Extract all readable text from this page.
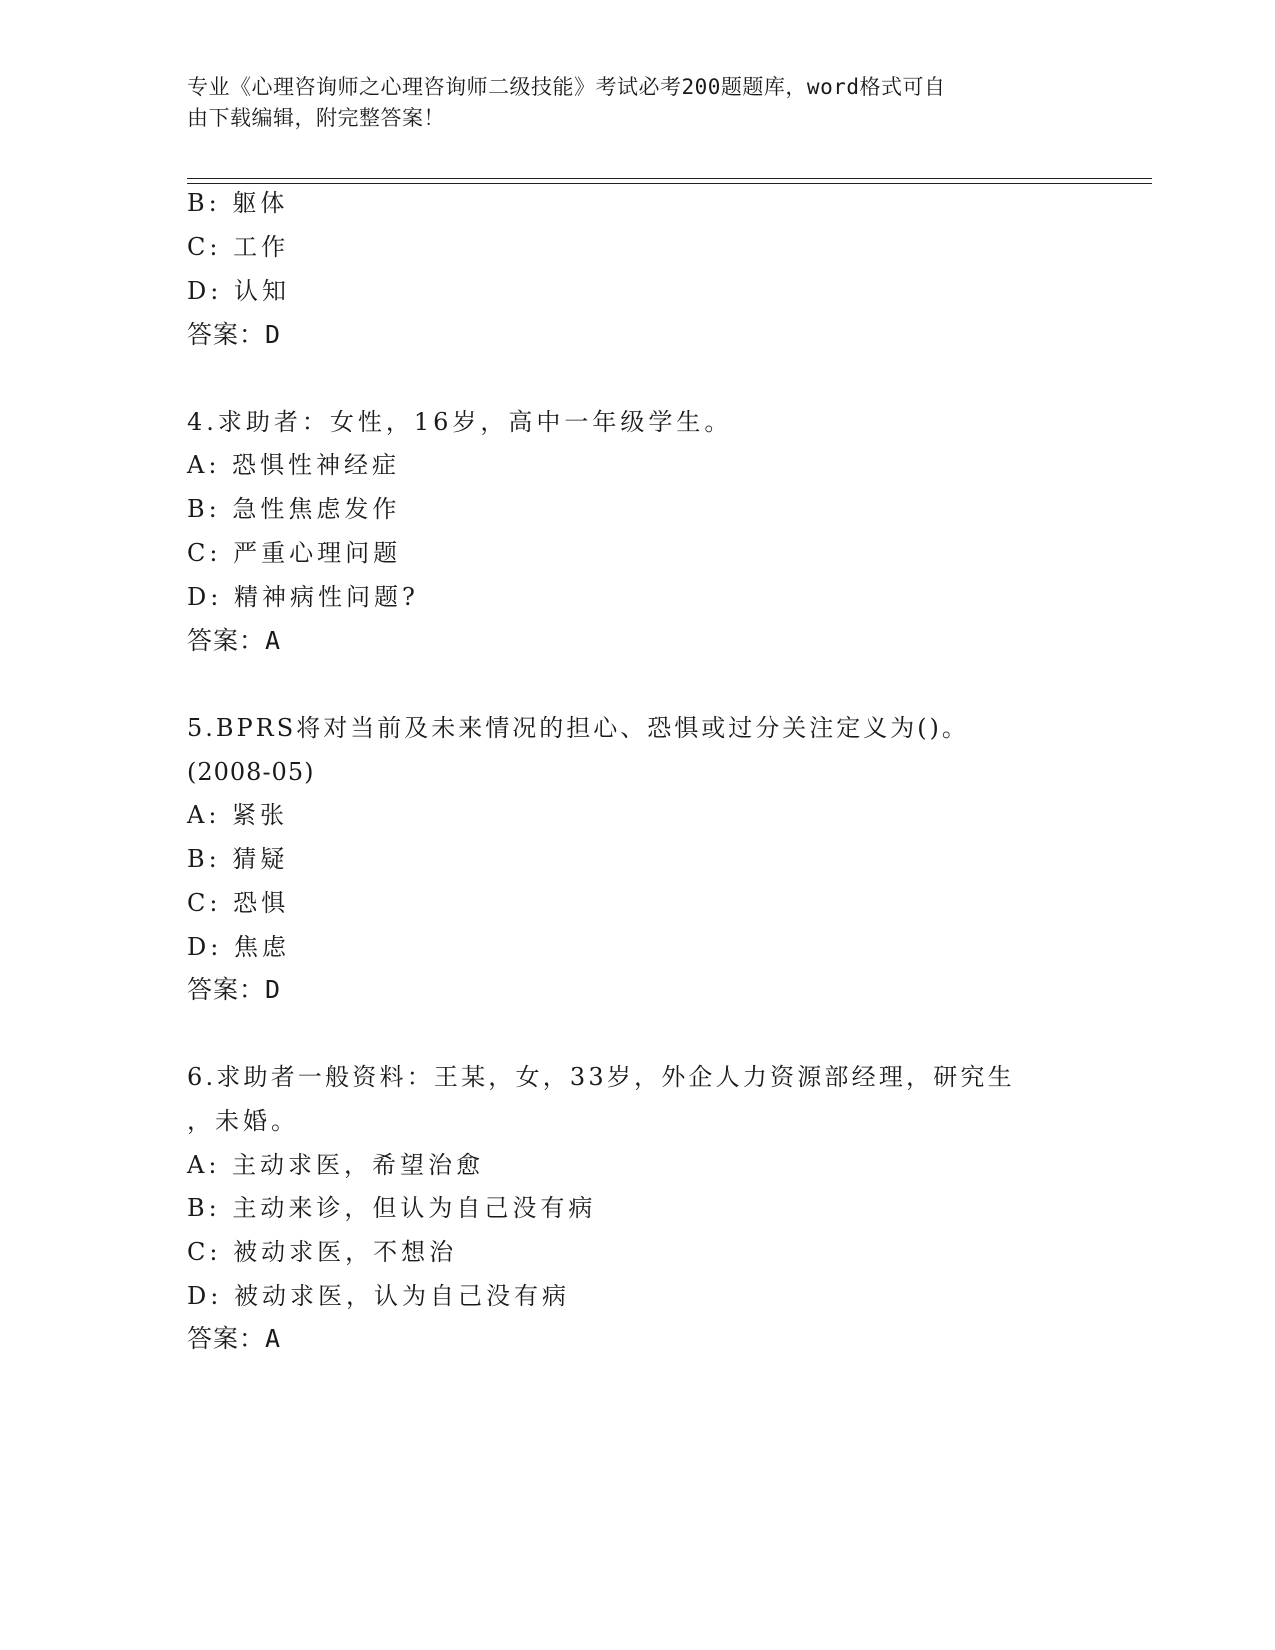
专业《心理咨询师之心理咨询师二级技能》考试必考200题题库，word格式可自
由下载编辑，附完整答案！
B: 躯体
C: 工作
D: 认知
答案：D
4.求助者：女性，16岁，高中一年级学生。
A: 恐惧性神经症
B: 急性焦虑发作
C: 严重心理问题
D: 精神病性问题?
答案：A
5.BPRS将对当前及未来情况的担心、恐惧或过分关注定义为()。
(2008-05)
A: 紧张
B: 猜疑
C: 恐惧
D: 焦虑
答案：D
6.求助者一般资料：王某，女，33岁，外企人力资源部经理，研究生
，未婚。
A: 主动求医，希望治愈
B: 主动来诊，但认为自己没有病
C: 被动求医，不想治
D: 被动求医，认为自己没有病
答案：A
